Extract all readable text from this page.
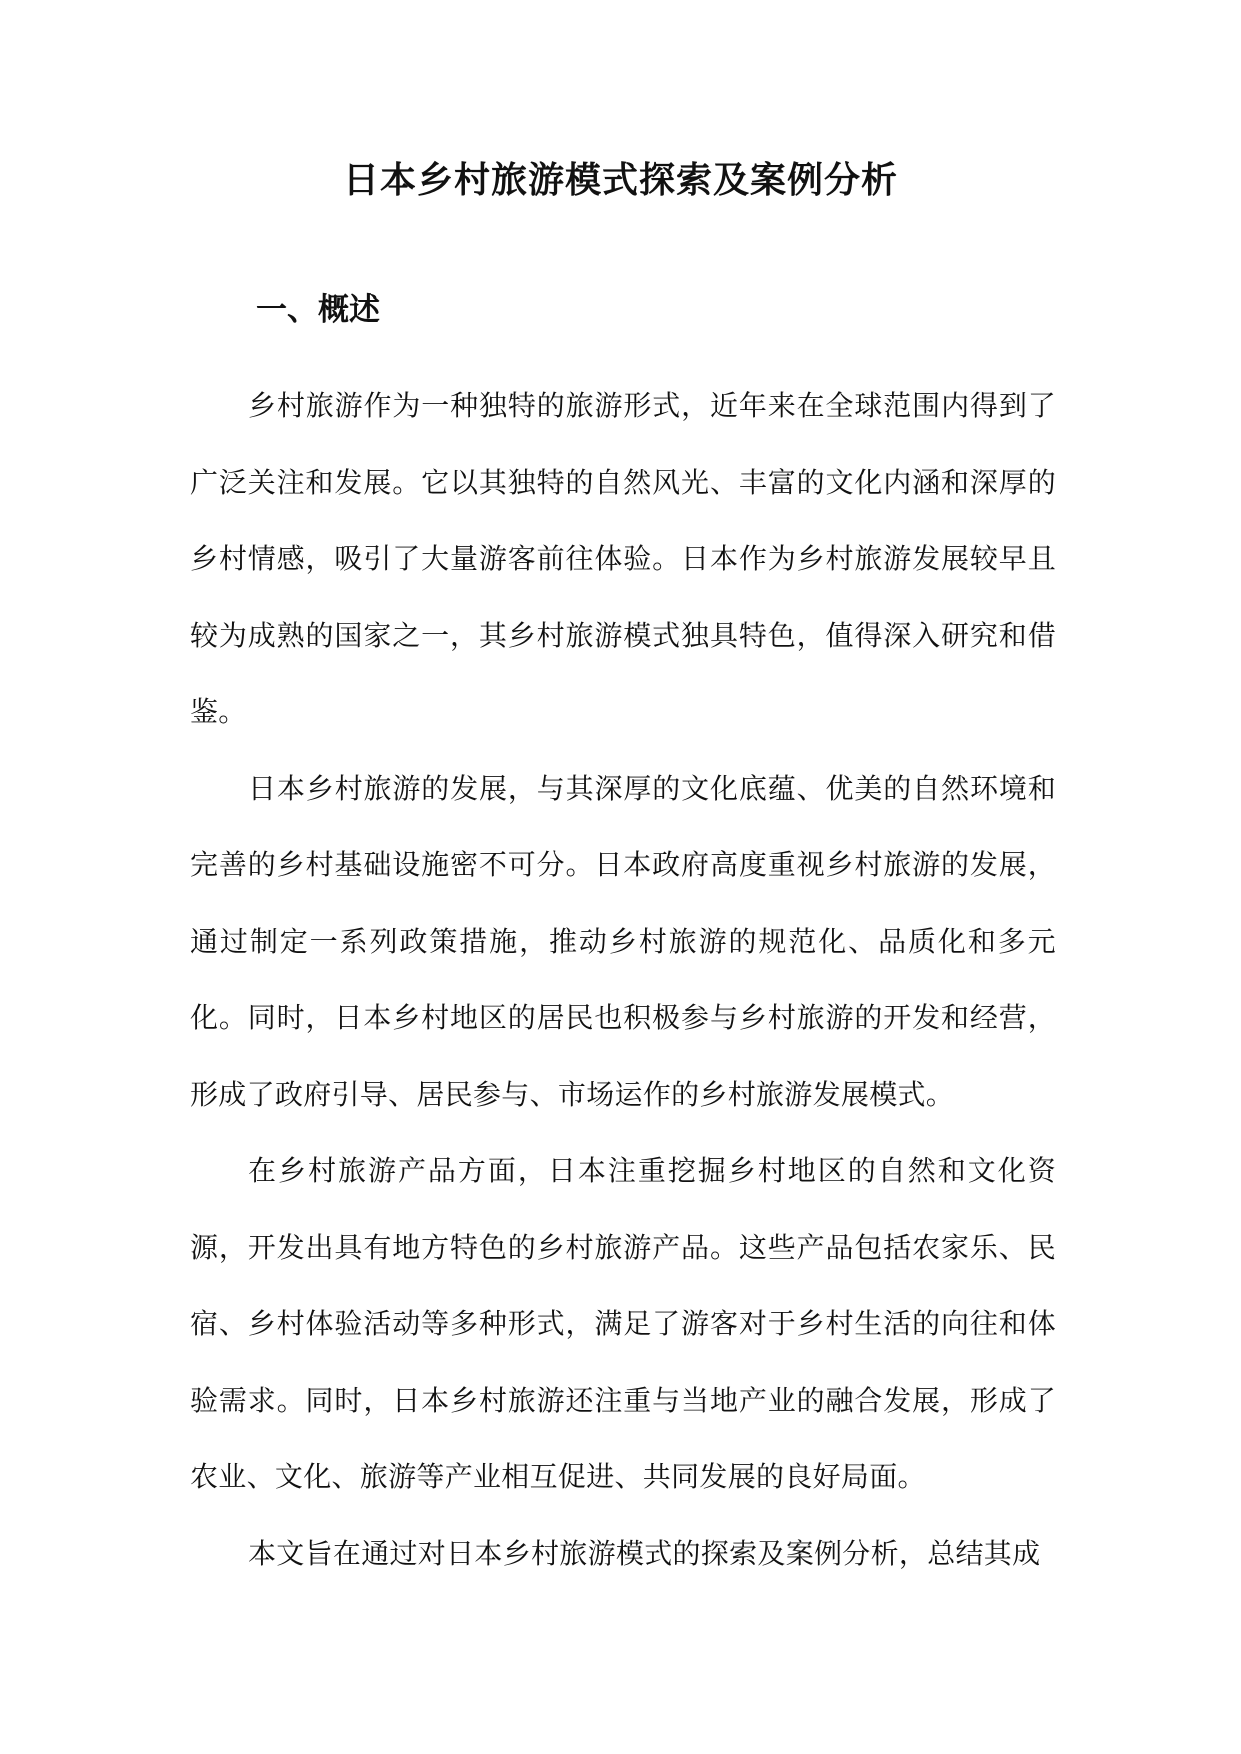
日本乡村旅游模式探索及案例分析
一、概述

乡村旅游作为一种独特的旅游形式，近年来在全球范围内得到了广泛关注和发展。它以其独特的自然风光、丰富的文化内涵和深厚的乡村情感，吸引了大量游客前往体验。日本作为乡村旅游发展较早且较为成熟的国家之一，其乡村旅游模式独具特色，值得深入研究和借鉴。

日本乡村旅游的发展，与其深厚的文化底蕴、优美的自然环境和完善的乡村基础设施密不可分。日本政府高度重视乡村旅游的发展，通过制定一系列政策措施，推动乡村旅游的规范化、品质化和多元化。同时，日本乡村地区的居民也积极参与乡村旅游的开发和经营，形成了政府引导、居民参与、市场运作的乡村旅游发展模式。

在乡村旅游产品方面，日本注重挖掘乡村地区的自然和文化资源，开发出具有地方特色的乡村旅游产品。这些产品包括农家乐、民宿、乡村体验活动等多种形式，满足了游客对于乡村生活的向往和体验需求。同时，日本乡村旅游还注重与当地产业的融合发展，形成了农业、文化、旅游等产业相互促进、共同发展的良好局面。

本文旨在通过对日本乡村旅游模式的探索及案例分析，总结其成
